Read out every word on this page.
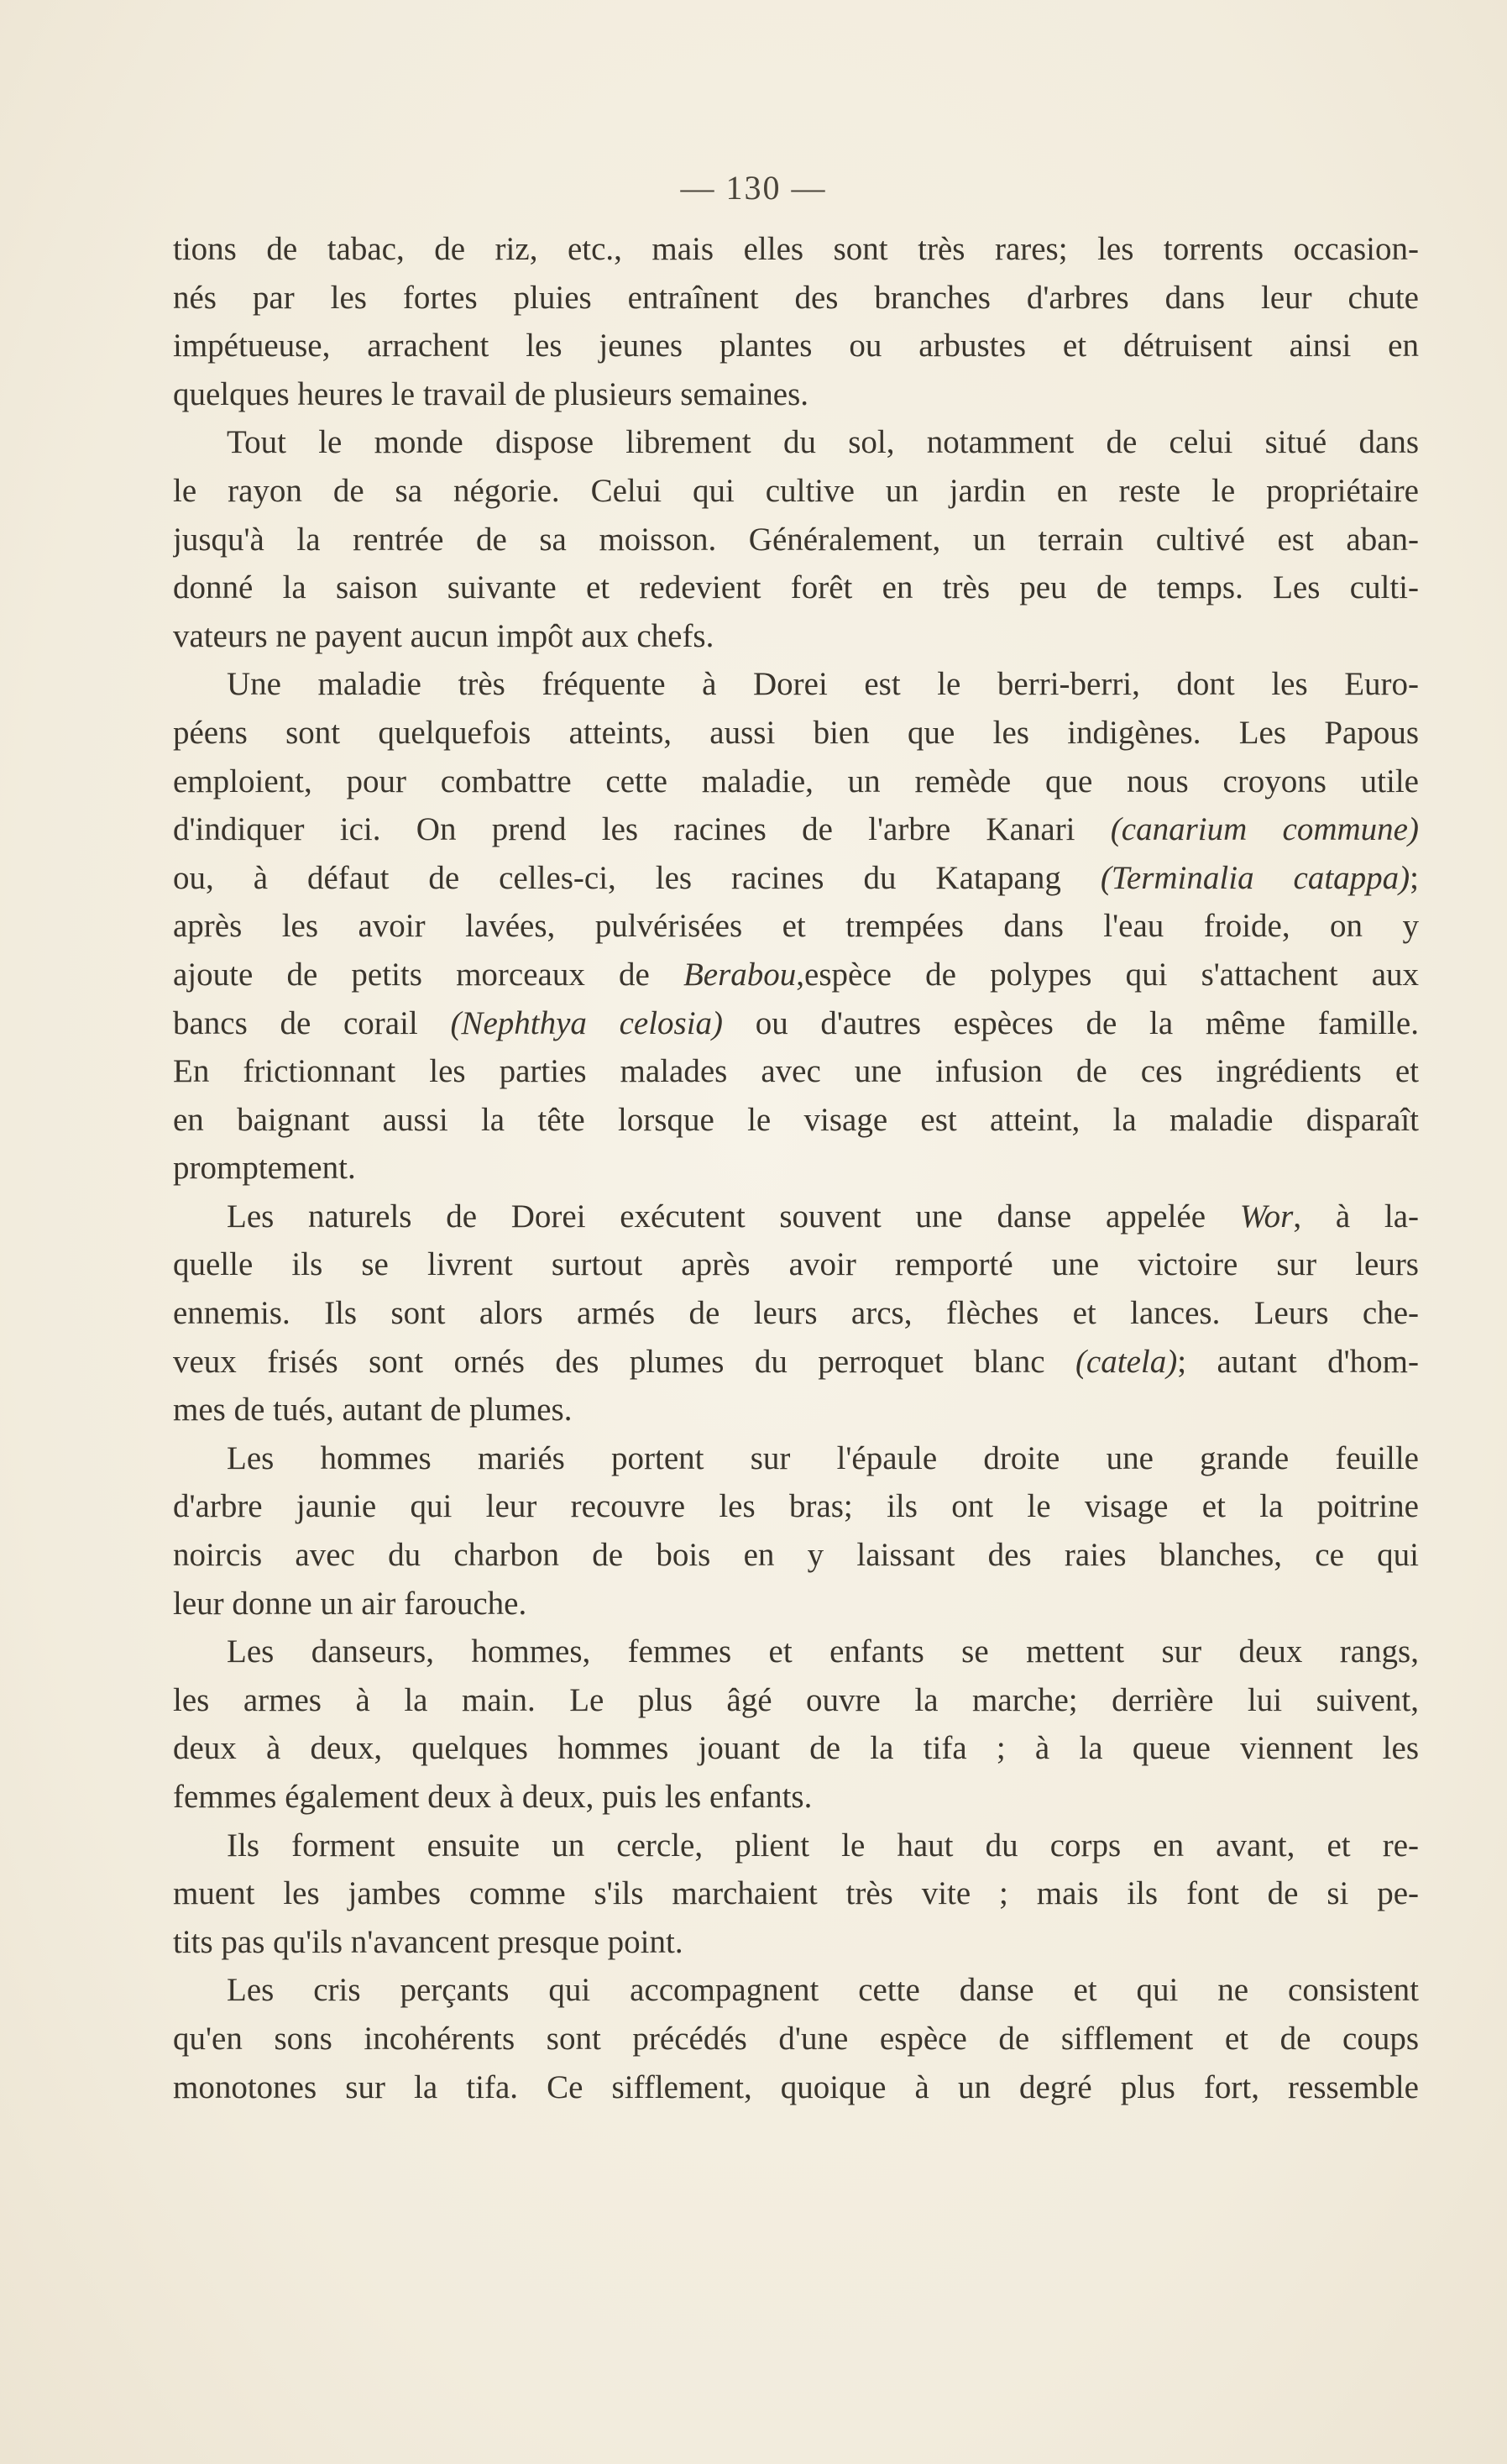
— 130 —

tions de tabac, de riz, etc., mais elles sont très rares; les torrents occasion-
nés par les fortes pluies entraînent des branches d'arbres dans leur chute
impétueuse, arrachent les jeunes plantes ou arbustes et détruisent ainsi en
quelques heures le travail de plusieurs semaines.

Tout le monde dispose librement du sol, notamment de celui situé dans
le rayon de sa négorie. Celui qui cultive un jardin en reste le propriétaire
jusqu'à la rentrée de sa moisson. Généralement, un terrain cultivé est aban-
donné la saison suivante et redevient forêt en très peu de temps. Les culti-
vateurs ne payent aucun impôt aux chefs.

Une maladie très fréquente à Dorei est le berri-berri, dont les Euro-
péens sont quelquefois atteints, aussi bien que les indigènes. Les Papous
emploient, pour combattre cette maladie, un remède que nous croyons utile
d'indiquer ici. On prend les racines de l'arbre Kanari (canarium commune)
ou, à défaut de celles-ci, les racines du Katapang (Terminalia catappa);
après les avoir lavées, pulvérisées et trempées dans l'eau froide, on y
ajoute de petits morceaux de Berabou,espèce de polypes qui s'attachent aux
bancs de corail (Nephthya celosia) ou d'autres espèces de la même famille.
En frictionnant les parties malades avec une infusion de ces ingrédients et
en baignant aussi la tête lorsque le visage est atteint, la maladie disparaît
promptement.

Les naturels de Dorei exécutent souvent une danse appelée Wor, à la-
quelle ils se livrent surtout après avoir remporté une victoire sur leurs
ennemis. Ils sont alors armés de leurs arcs, flèches et lances. Leurs che-
veux frisés sont ornés des plumes du perroquet blanc (catela); autant d'hom-
mes de tués, autant de plumes.

Les hommes mariés portent sur l'épaule droite une grande feuille
d'arbre jaunie qui leur recouvre les bras; ils ont le visage et la poitrine
noircis avec du charbon de bois en y laissant des raies blanches, ce qui
leur donne un air farouche.

Les danseurs, hommes, femmes et enfants se mettent sur deux rangs,
les armes à la main. Le plus âgé ouvre la marche; derrière lui suivent,
deux à deux, quelques hommes jouant de la tifa ; à la queue viennent les
femmes également deux à deux, puis les enfants.

Ils forment ensuite un cercle, plient le haut du corps en avant, et re-
muent les jambes comme s'ils marchaient très vite ; mais ils font de si pe-
tits pas qu'ils n'avancent presque point.

Les cris perçants qui accompagnent cette danse et qui ne consistent
qu'en sons incohérents sont précédés d'une espèce de sifflement et de coups
monotones sur la tifa. Ce sifflement, quoique à un degré plus fort, ressemble
